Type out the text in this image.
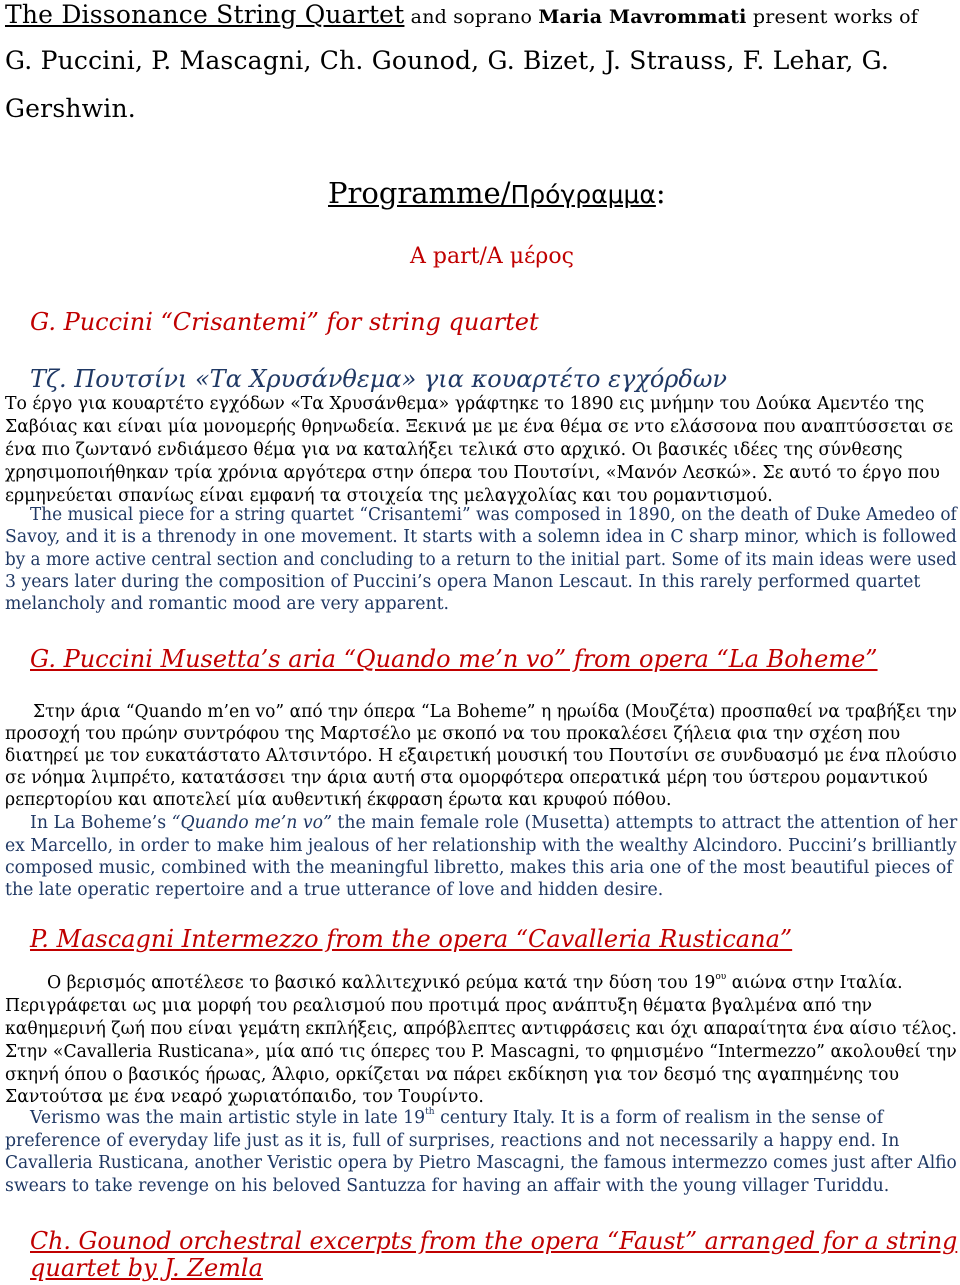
The Dissonance String Quartet and soprano Maria Mavrommati present works of
G. Puccini, P. Mascagni, Ch. Gounod, G. Bizet, J. Strauss, F. Lehar, G.
Gershwin.
Programme/Πρόγραμμα:
A part/A μέρος
G. Puccini “Crisantemi” for string quartet
Τζ. Πουτσίνι «Τα Χρυσάνθεμα» για κουαρτέτο εγχόρδων
Το έργο για κουαρτέτο εγχόδων «Τα Χρυσάνθεμα» γράφτηκε το 1890 εις μνήμην του Δούκα Αμεντέο της
Σαβόιας και είναι μία μονομερής θρηνωδεία. Ξεκινά με με ένα θέμα σε ντο ελάσσονα που αναπτύσσεται σε
ένα πιο ζωντανό ενδιάμεσο θέμα για να καταλήξει τελικά στο αρχικό. Οι βασικές ιδέες της σύνθεσης
χρησιμοποιήθηκαν τρία χρόνια αργότερα στην όπερα του Πουτσίνι, «Μανόν Λεσκώ». Σε αυτό το έργο που
ερμηνεύεται σπανίως είναι εμφανή τα στοιχεία της μελαγχολίας και του ρομαντισμού.
The musical piece for a string quartet “Crisantemi” was composed in 1890, on the death of Duke Amedeo of
Savoy, and it is a threnody in one movement. It starts with a solemn idea in C sharp minor, which is followed
by a more active central section and concluding to a return to the initial part. Some of its main ideas were used
3 years later during the composition of Puccini’s opera Manon Lescaut. In this rarely performed quartet
melancholy and romantic mood are very apparent.
G. Puccini Musetta’s aria “Quando me’n vo” from opera “La Boheme”
Στην άρια “Quando m’en vo” από την όπερα “La Boheme” η ηρωίδα (Μουζέτα) προσπαθεί να τραβήξει την
προσοχή του πρώην συντρόφου της Μαρτσέλο με σκοπό να του προκαλέσει ζήλεια φια την σχέση που
διατηρεί με τον ευκατάστατο Αλτσιντόρο. Η εξαιρετική μουσική του Πουτσίνι σε συνδυασμό με ένα πλούσιο
σε νόημα λιμπρέτο, κατατάσσει την άρια αυτή στα ομορφότερα οπερατικά μέρη του ύστερου ρομαντικού
ρεπερτορίου και αποτελεί μία αυθεντική έκφραση έρωτα και κρυφού πόθου.
In La Boheme’s “Quando me’n vo” the main female role (Musetta) attempts to attract the attention of her
ex Marcello, in order to make him jealous of her relationship with the wealthy Alcindoro. Puccini’s brilliantly
composed music, combined with the meaningful libretto, makes this aria one of the most beautiful pieces of
the late operatic repertoire and a true utterance of love and hidden desire.
P. Mascagni Intermezzo from the opera “Cavalleria Rusticana”
Ο βερισμός αποτέλεσε το βασικό καλλιτεχνικό ρεύμα κατά την δύση του $19^{o\upsilon}$ αιώνα στην Ιταλία.
Περιγράφεται ως μια μορφή του ρεαλισμού που προτιμά προς ανάπτυξη θέματα βγαλμένα από την
καθημερινή ζωή που είναι γεμάτη εκπλήξεις, απρόβλεπτες αντιφράσεις και όχι απαραίτητα ένα αίσιο τέλος.
Στην «Cavalleria Rusticana», μία από τις όπερες του P. Mascagni, το φημισμένο “Intermezzo” ακολουθεί την
σκηνή όπου ο βασικός ήρωας, Άλφιο, ορκίζεται να πάρει εκδίκηση για τον δεσμό της αγαπημένης του
Σαντούτσα με ένα νεαρό χωριατόπαιδο, τον Τουρίντο.
Verismo was the main artistic style in late 19th century Italy. It is a form of realism in the sense of
preference of everyday life just as it is, full of surprises, reactions and not necessarily a happy end. In
Cavalleria Rusticana, another Veristic opera by Pietro Mascagni, the famous intermezzo comes just after Alfio
swears to take revenge on his beloved Santuzza for having an affair with the young villager Turiddu.
Ch. Gounod orchestral excerpts from the opera “Faust” arranged for a string
quartet by J. Zemla
